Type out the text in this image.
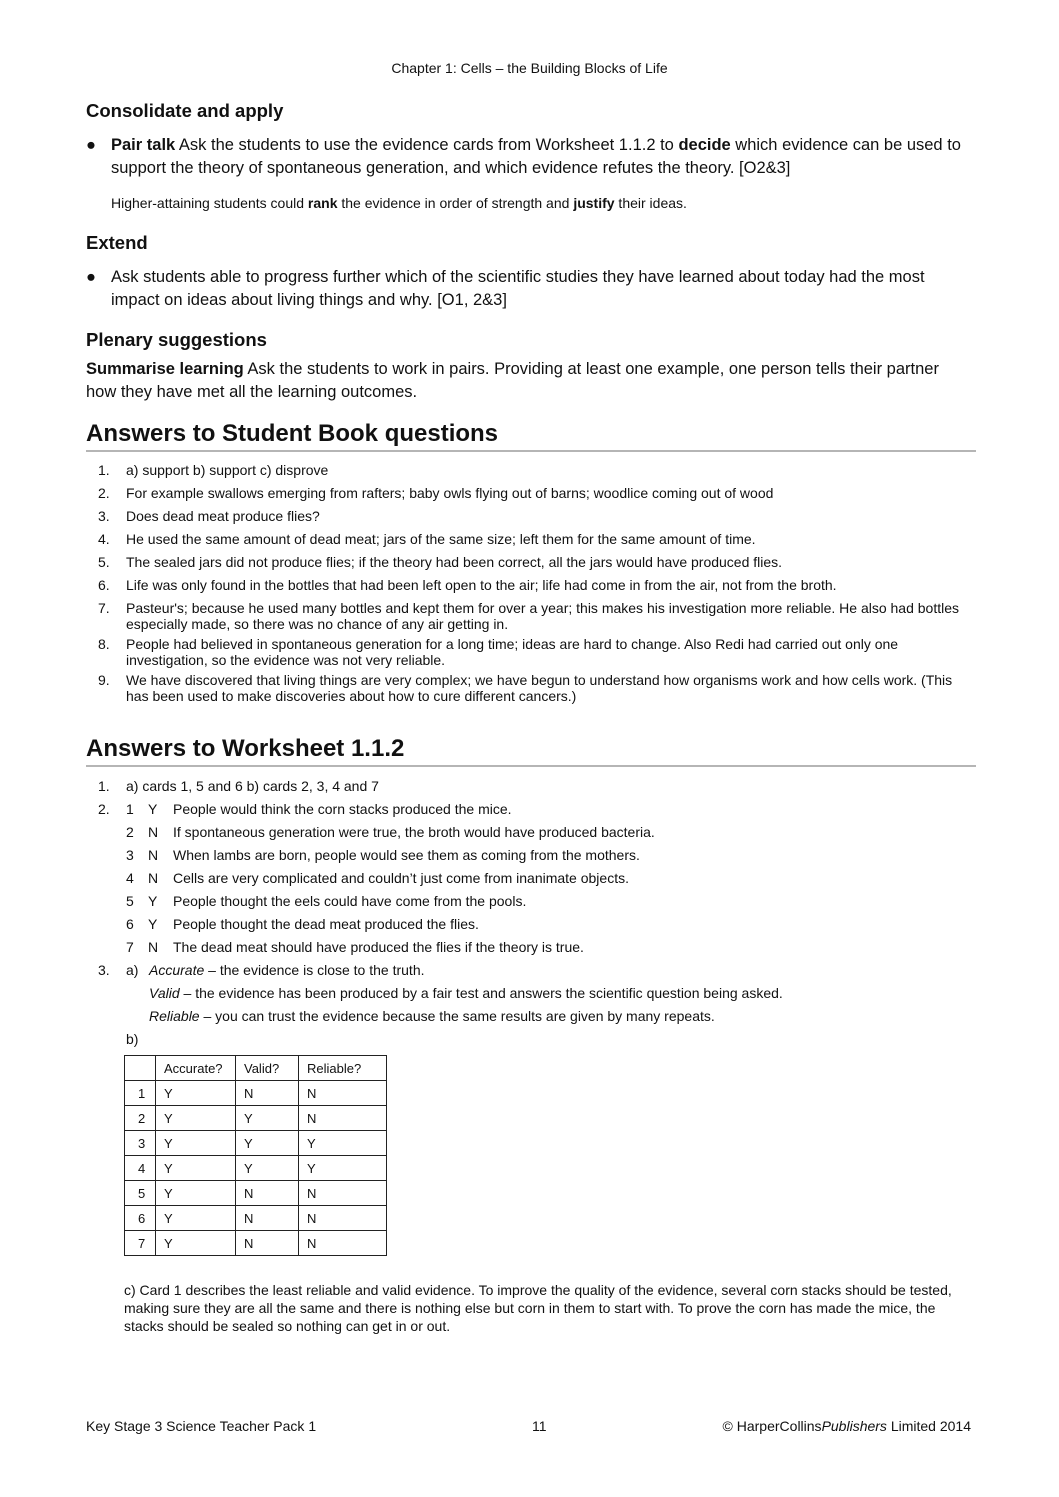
Chapter 1: Cells – the Building Blocks of Life
Consolidate and apply
● Pair talk Ask the students to use the evidence cards from Worksheet 1.1.2 to decide which evidence can be used to support the theory of spontaneous generation, and which evidence refutes the theory. [O2&3]
Higher-attaining students could rank the evidence in order of strength and justify their ideas.
Extend
● Ask students able to progress further which of the scientific studies they have learned about today had the most impact on ideas about living things and why. [O1, 2&3]
Plenary suggestions
Summarise learning Ask the students to work in pairs. Providing at least one example, one person tells their partner how they have met all the learning outcomes.
Answers to Student Book questions
1. a) support b) support c) disprove
2. For example swallows emerging from rafters; baby owls flying out of barns; woodlice coming out of wood
3. Does dead meat produce flies?
4. He used the same amount of dead meat; jars of the same size; left them for the same amount of time.
5. The sealed jars did not produce flies; if the theory had been correct, all the jars would have produced flies.
6. Life was only found in the bottles that had been left open to the air; life had come in from the air, not from the broth.
7. Pasteur's; because he used many bottles and kept them for over a year; this makes his investigation more reliable. He also had bottles especially made, so there was no chance of any air getting in.
8. People had believed in spontaneous generation for a long time; ideas are hard to change. Also Redi had carried out only one investigation, so the evidence was not very reliable.
9. We have discovered that living things are very complex; we have begun to understand how organisms work and how cells work. (This has been used to make discoveries about how to cure different cancers.)
Answers to Worksheet 1.1.2
1. a) cards 1, 5 and 6 b) cards 2, 3, 4 and 7
2. 1 Y People would think the corn stacks produced the mice.
2 N If spontaneous generation were true, the broth would have produced bacteria.
3 N When lambs are born, people would see them as coming from the mothers.
4 N Cells are very complicated and couldn’t just come from inanimate objects.
5 Y People thought the eels could have come from the pools.
6 Y People thought the dead meat produced the flies.
7 N The dead meat should have produced the flies if the theory is true.
3. a) Accurate – the evidence is close to the truth.
Valid – the evidence has been produced by a fair test and answers the scientific question being asked.
Reliable – you can trust the evidence because the same results are given by many repeats.
b)
	Accurate?	Valid?	Reliable?
1	Y	N	N
2	Y	Y	N
3	Y	Y	Y
4	Y	Y	Y
5	Y	N	N
6	Y	N	N
7	Y	N	N
c) Card 1 describes the least reliable and valid evidence. To improve the quality of the evidence, several corn stacks should be tested, making sure they are all the same and there is nothing else but corn in them to start with. To prove the corn has made the mice, the stacks should be sealed so nothing can get in or out.
Key Stage 3 Science Teacher Pack 1	11	© HarperCollinsPublishers Limited 2014
